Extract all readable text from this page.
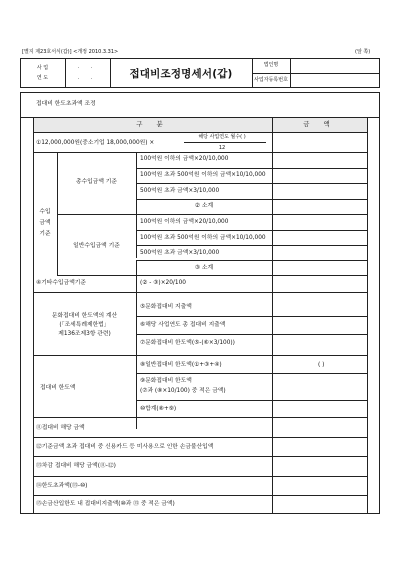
[별지 제23호서식(갑)] <개정 2010.3.31>	(앞 쪽)
사 업
연 도
. .
. .	접대비조정명세서(갑)
법인명
사업자등록번호
접대비 한도초과액 조정
구 분	금 액
①12,000,000원(중소기업 18,000,000원) ×
해당 사업연도 월수( )
12
수입
금액
기준
총수입금액 기준
100억원 이하의 금액×20/10,000
100억원 초과 500억원 이하의 금액×10/10,000
500억원 초과 금액×3/10,000
② 소계
일반수입금액 기준
100억원 이하의 금액×20/10,000
100억원 초과 500억원 이하의 금액×10/10,000
500억원 초과 금액×3/10,000
③ 소계
④기타수입금액기준	(② - ③)×20/100
문화접대비 한도액의 계산
(「조세특례제한법」
제136조제3항 관련)
⑤문화접대비 지출액
⑥해당 사업연도 총 접대비 지출액
⑦문화접대비 한도액(⑤-(⑥×3/100))
접대비 한도액
⑧일반접대비 한도액(①+③+④)	( )
⑨문화접대비 한도액
(⑦과 (⑧×10/100) 중 적은 금액)
⑩합계(⑧+⑨)
⑪접대비 해당 금액
⑫기준금액 초과 접대비 중 신용카드 등 미사용으로 인한 손금불산입액
⑬차감 접대비 해당 금액(⑪-⑫)
⑭한도초과액(⑬-⑩)
⑮손금산입한도 내 접대비지출액(⑩과 ⑬ 중 적은 금액)
